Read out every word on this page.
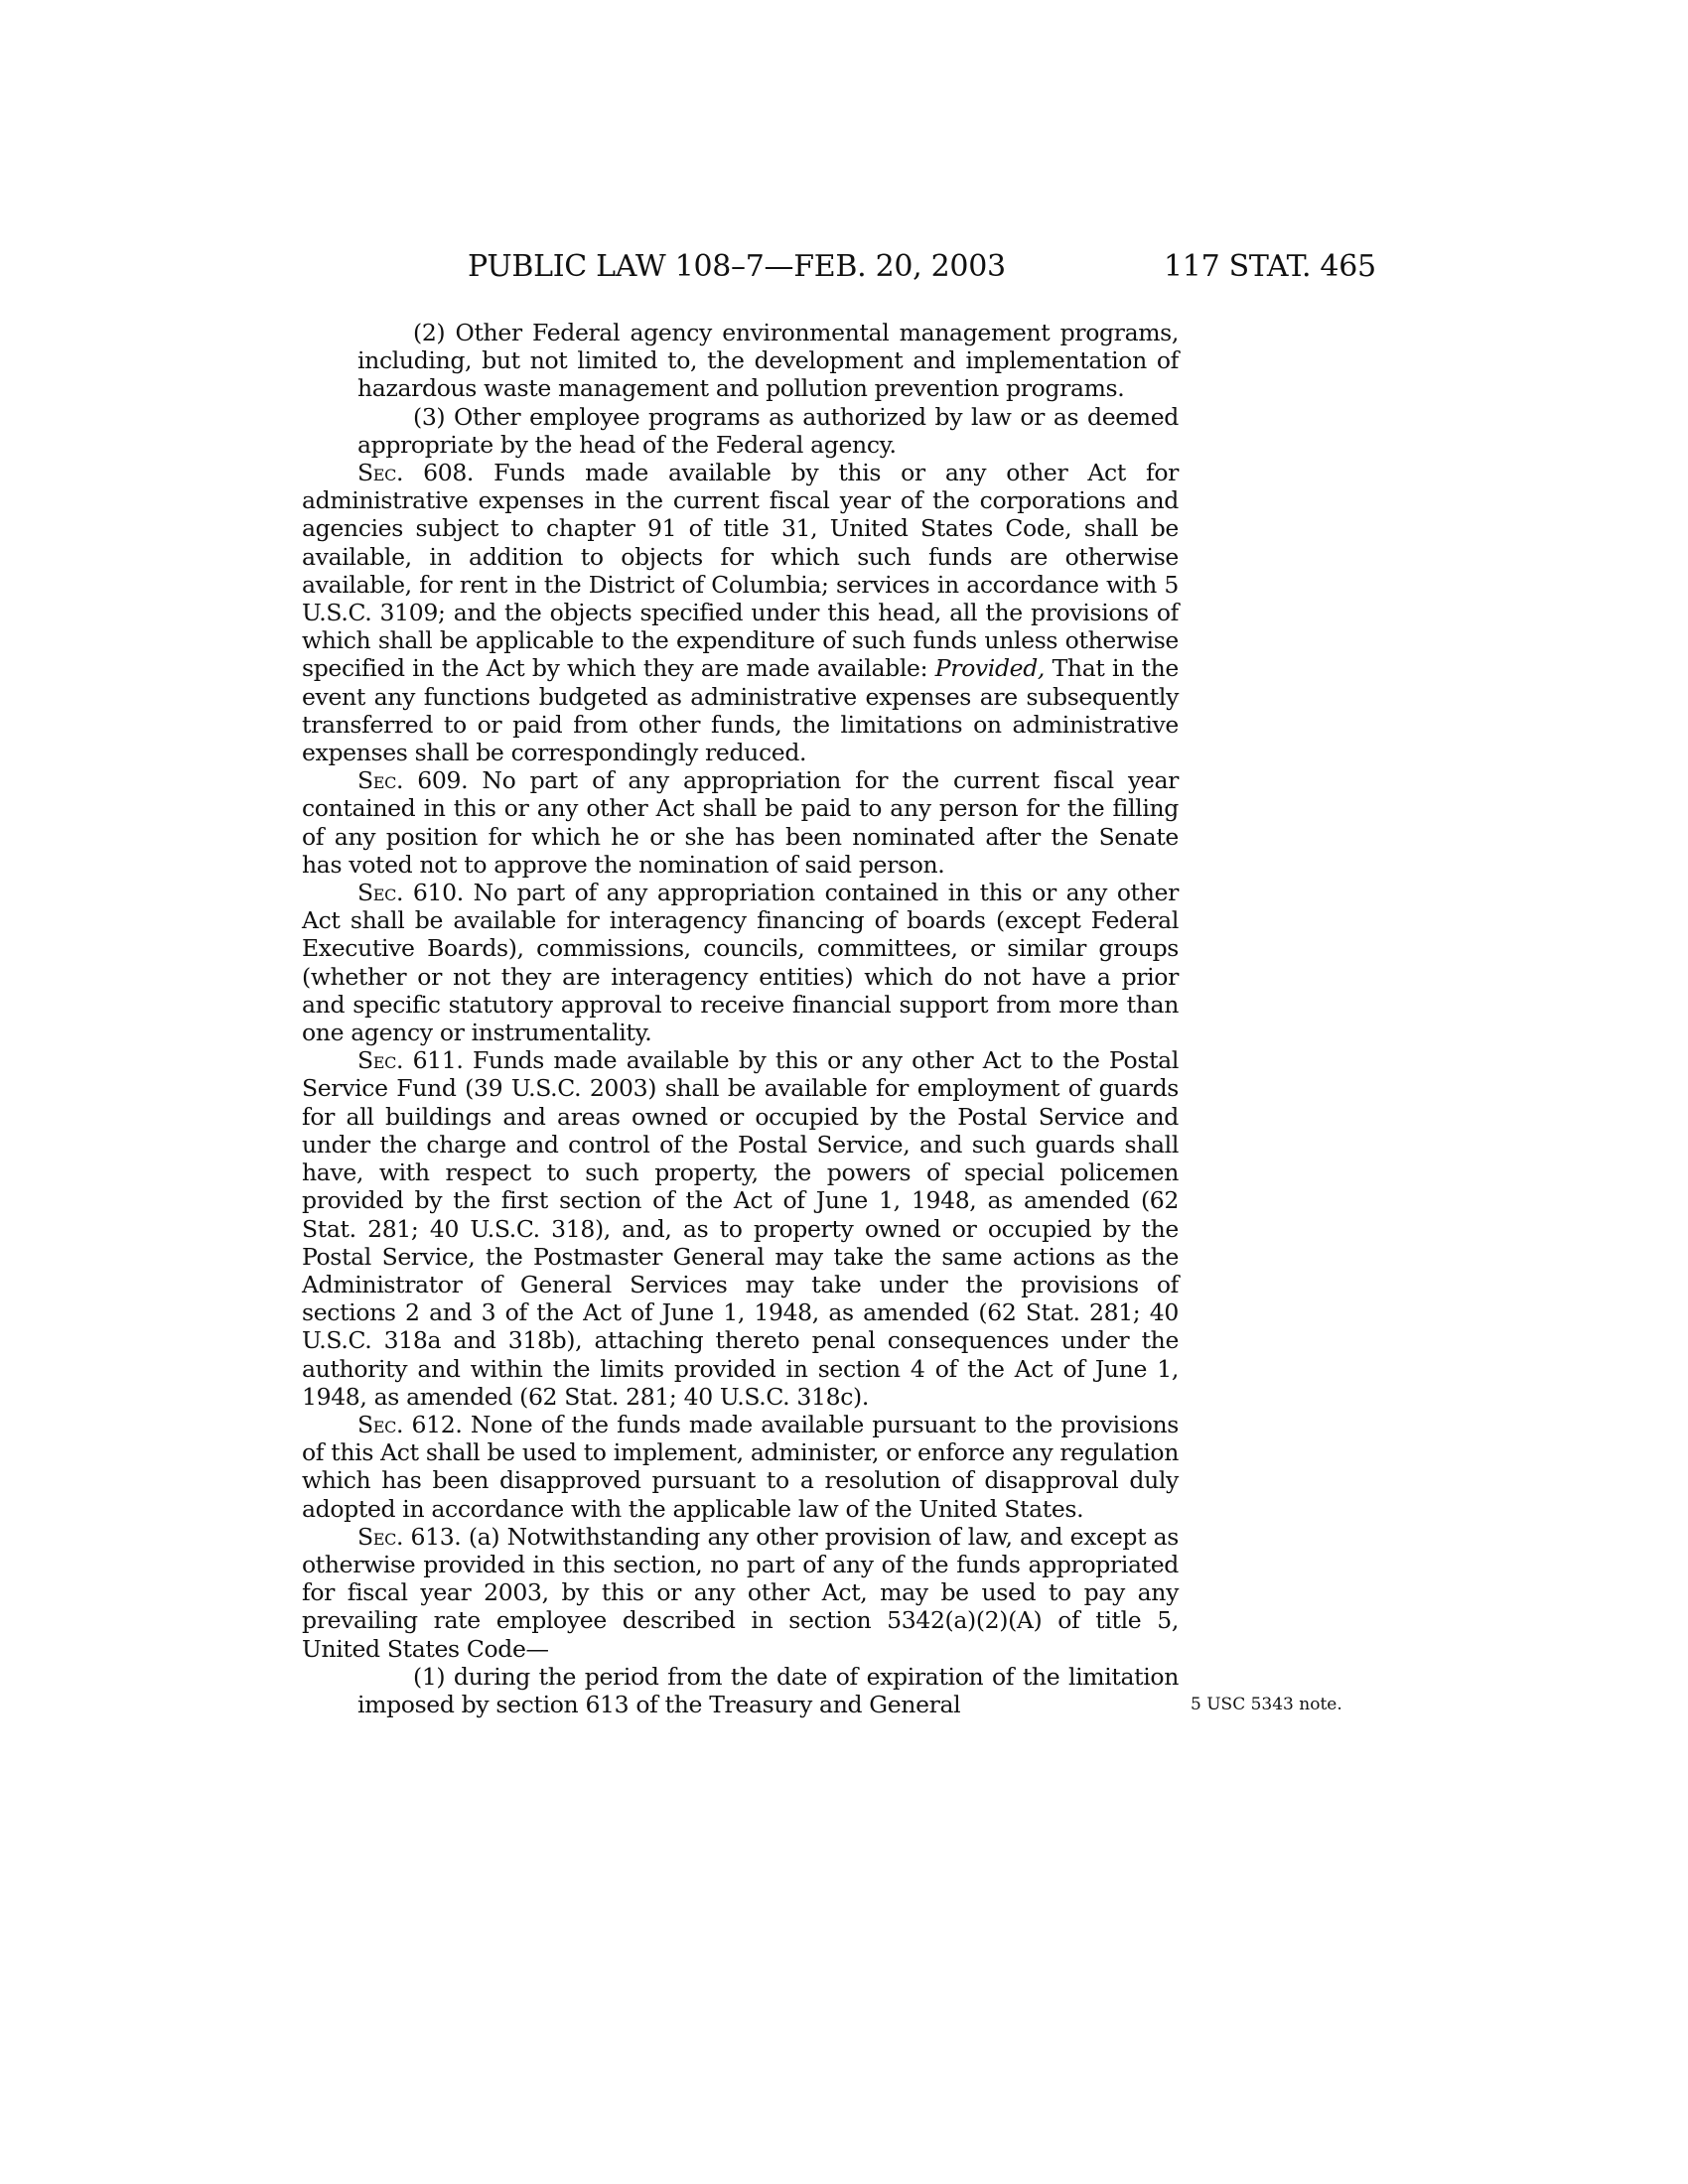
PUBLIC LAW 108–7—FEB. 20, 2003	117 STAT. 465

(2) Other Federal agency environmental management programs, including, but not limited to, the development and implementation of hazardous waste management and pollution prevention programs.

(3) Other employee programs as authorized by law or as deemed appropriate by the head of the Federal agency.

Sec. 608. Funds made available by this or any other Act for administrative expenses in the current fiscal year of the corporations and agencies subject to chapter 91 of title 31, United States Code, shall be available, in addition to objects for which such funds are otherwise available, for rent in the District of Columbia; services in accordance with 5 U.S.C. 3109; and the objects specified under this head, all the provisions of which shall be applicable to the expenditure of such funds unless otherwise specified in the Act by which they are made available: Provided, That in the event any functions budgeted as administrative expenses are subsequently transferred to or paid from other funds, the limitations on administrative expenses shall be correspondingly reduced.

Sec. 609. No part of any appropriation for the current fiscal year contained in this or any other Act shall be paid to any person for the filling of any position for which he or she has been nominated after the Senate has voted not to approve the nomination of said person.

Sec. 610. No part of any appropriation contained in this or any other Act shall be available for interagency financing of boards (except Federal Executive Boards), commissions, councils, committees, or similar groups (whether or not they are interagency entities) which do not have a prior and specific statutory approval to receive financial support from more than one agency or instrumentality.

Sec. 611. Funds made available by this or any other Act to the Postal Service Fund (39 U.S.C. 2003) shall be available for employment of guards for all buildings and areas owned or occupied by the Postal Service and under the charge and control of the Postal Service, and such guards shall have, with respect to such property, the powers of special policemen provided by the first section of the Act of June 1, 1948, as amended (62 Stat. 281; 40 U.S.C. 318), and, as to property owned or occupied by the Postal Service, the Postmaster General may take the same actions as the Administrator of General Services may take under the provisions of sections 2 and 3 of the Act of June 1, 1948, as amended (62 Stat. 281; 40 U.S.C. 318a and 318b), attaching thereto penal consequences under the authority and within the limits provided in section 4 of the Act of June 1, 1948, as amended (62 Stat. 281; 40 U.S.C. 318c).

Sec. 612. None of the funds made available pursuant to the provisions of this Act shall be used to implement, administer, or enforce any regulation which has been disapproved pursuant to a resolution of disapproval duly adopted in accordance with the applicable law of the United States.

Sec. 613. (a) Notwithstanding any other provision of law, and except as otherwise provided in this section, no part of any of the funds appropriated for fiscal year 2003, by this or any other Act, may be used to pay any prevailing rate employee described in section 5342(a)(2)(A) of title 5, United States Code—

(1) during the period from the date of expiration of the limitation imposed by section 613 of the Treasury and General	5 USC 5343 note.
